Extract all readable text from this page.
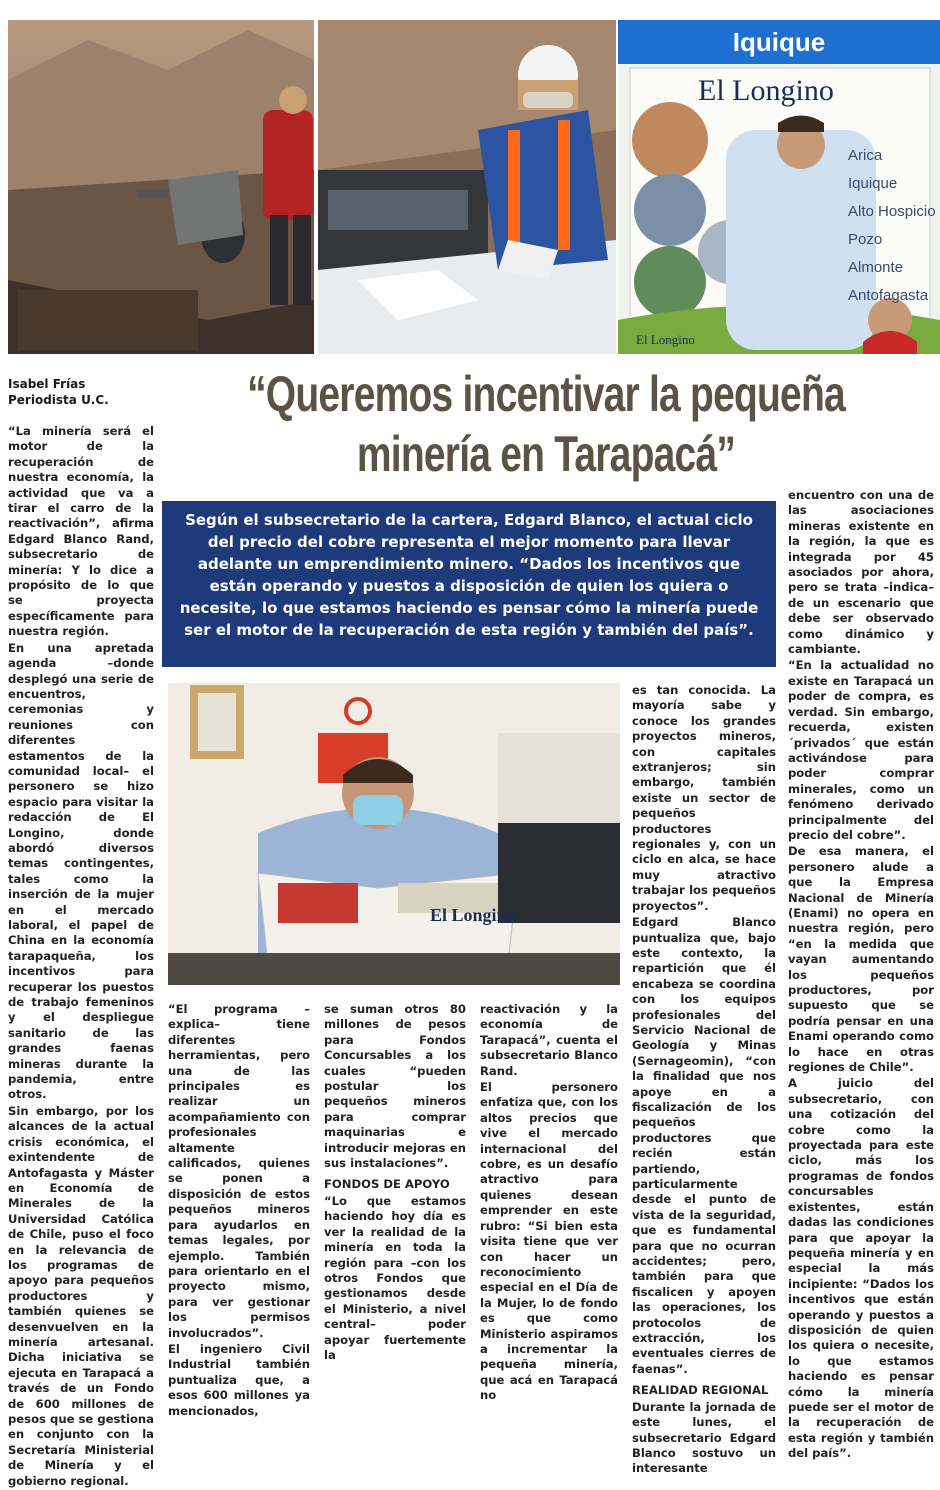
El Longino
Arica
Iquique
Alto Hospicio
Pozo Almonte
Antofagasta
El Longino
Iquique
Isabel Frías
Periodista U.C.	“Queremos incentivar la pequeña minería en Tarapacá”
Según el subsecretario de la cartera, Edgard Blanco, el actual ciclo del precio del cobre representa el mejor momento para llevar adelante un emprendimiento minero. “Dados los incentivos que están operando y puestos a disposición de quien los quiera o necesite, lo que estamos haciendo es pensar cómo la minería puede ser el motor de la recuperación de esta región y también del país”.
El Longino

“La minería será el motor de la recuperación de nuestra economía, la actividad que va a tirar el carro de la reactivación”, afirma Edgard Blanco Rand, subsecretario de minería: Y lo dice a propósito de lo que se proyecta específicamente para nuestra región.

En una apretada agenda –donde desplegó una serie de encuentros, ceremonias y reuniones con diferentes estamentos de la comunidad local– el personero se hizo espacio para visitar la redacción de El Longino, donde abordó diversos temas contingentes, tales como la inserción de la mujer en el mercado laboral, el papel de China en la economía tarapaqueña, los incentivos para recuperar los puestos de trabajo femeninos y el despliegue sanitario de las grandes faenas mineras durante la pandemia, entre otros.

Sin embargo, por los alcances de la actual crisis económica, el exintendente de Antofagasta y Máster en Economía de Minerales de la Universidad Católica de Chile, puso el foco en la relevancia de los programas de apoyo para pequeños productores y también quienes se desenvuelven en la minería artesanal. Dicha iniciativa se ejecuta en Tarapacá a través de un Fondo de 600 millones de pesos que se gestiona en conjunto con la Secretaría Ministerial de Minería y el gobierno regional.

“El programa –explica– tiene diferentes herramientas, pero una de las principales es realizar un acompañamiento con profesionales altamente calificados, quienes se ponen a disposición de estos pequeños mineros para ayudarlos en temas legales, por ejemplo. También para orientarlo en el proyecto mismo, para ver gestionar los permisos involucrados”.

El ingeniero Civil Industrial también puntualiza que, a esos 600 millones ya mencionados,

se suman otros 80 millones de pesos para Fondos Concursables a los cuales “pueden postular los pequeños mineros para comprar maquinarias e introducir mejoras en sus instalaciones”.

FONDOS DE APOYO

“Lo que estamos haciendo hoy día es ver la realidad de la minería en toda la región para –con los otros Fondos que gestionamos desde el Ministerio, a nivel central– poder apoyar fuertemente la

reactivación y la economía de Tarapacá”, cuenta el subsecretario Blanco Rand.

El personero enfatiza que, con los altos precios que vive el mercado internacional del cobre, es un desafío atractivo para quienes desean emprender en este rubro: “Si bien esta visita tiene que ver con hacer un reconocimiento especial en el Día de la Mujer, lo de fondo es que como Ministerio aspiramos a incrementar la pequeña minería, que acá en Tarapacá no

es tan conocida. La mayoría sabe y conoce los grandes proyectos mineros, con capitales extranjeros; sin embargo, también existe un sector de pequeños productores regionales y, con un ciclo en alca, se hace muy atractivo trabajar los pequeños proyectos”.

Edgard Blanco puntualiza que, bajo este contexto, la repartición que él encabeza se coordina con los equipos profesionales del Servicio Nacional de Geología y Minas (Sernageomin), “con la finalidad que nos apoye en a fiscalización de los pequeños productores que recién están partiendo, particularmente desde el punto de vista de la seguridad, que es fundamental para que no ocurran accidentes; pero, también para que fiscalicen y apoyen las operaciones, los protocolos de extracción, los eventuales cierres de faenas”.

REALIDAD REGIONAL

Durante la jornada de este lunes, el subsecretario Edgard Blanco sostuvo un interesante

encuentro con una de las asociaciones mineras existente en la región, la que es integrada por 45 asociados por ahora, pero se trata –indica– de un escenario que debe ser observado como dinámico y cambiante.

“En la actualidad no existe en Tarapacá un poder de compra, es verdad. Sin embargo, recuerda, existen ´privados´ que están activándose para poder comprar minerales, como un fenómeno derivado principalmente del precio del cobre”.

De esa manera, el personero alude a que la Empresa Nacional de Minería (Enami) no opera en nuestra región, pero “en la medida que vayan aumentando los pequeños productores, por supuesto que se podría pensar en una Enami operando como lo hace en otras regiones de Chile”.

A juicio del subsecretario, con una cotización del cobre como la proyectada para este ciclo, más los programas de fondos concursables existentes, están dadas las condiciones para que apoyar la pequeña minería y en especial la más incipiente: “Dados los incentivos que están operando y puestos a disposición de quien los quiera o necesite, lo que estamos haciendo es pensar cómo la minería puede ser el motor de la recuperación de esta región y también del país”.
